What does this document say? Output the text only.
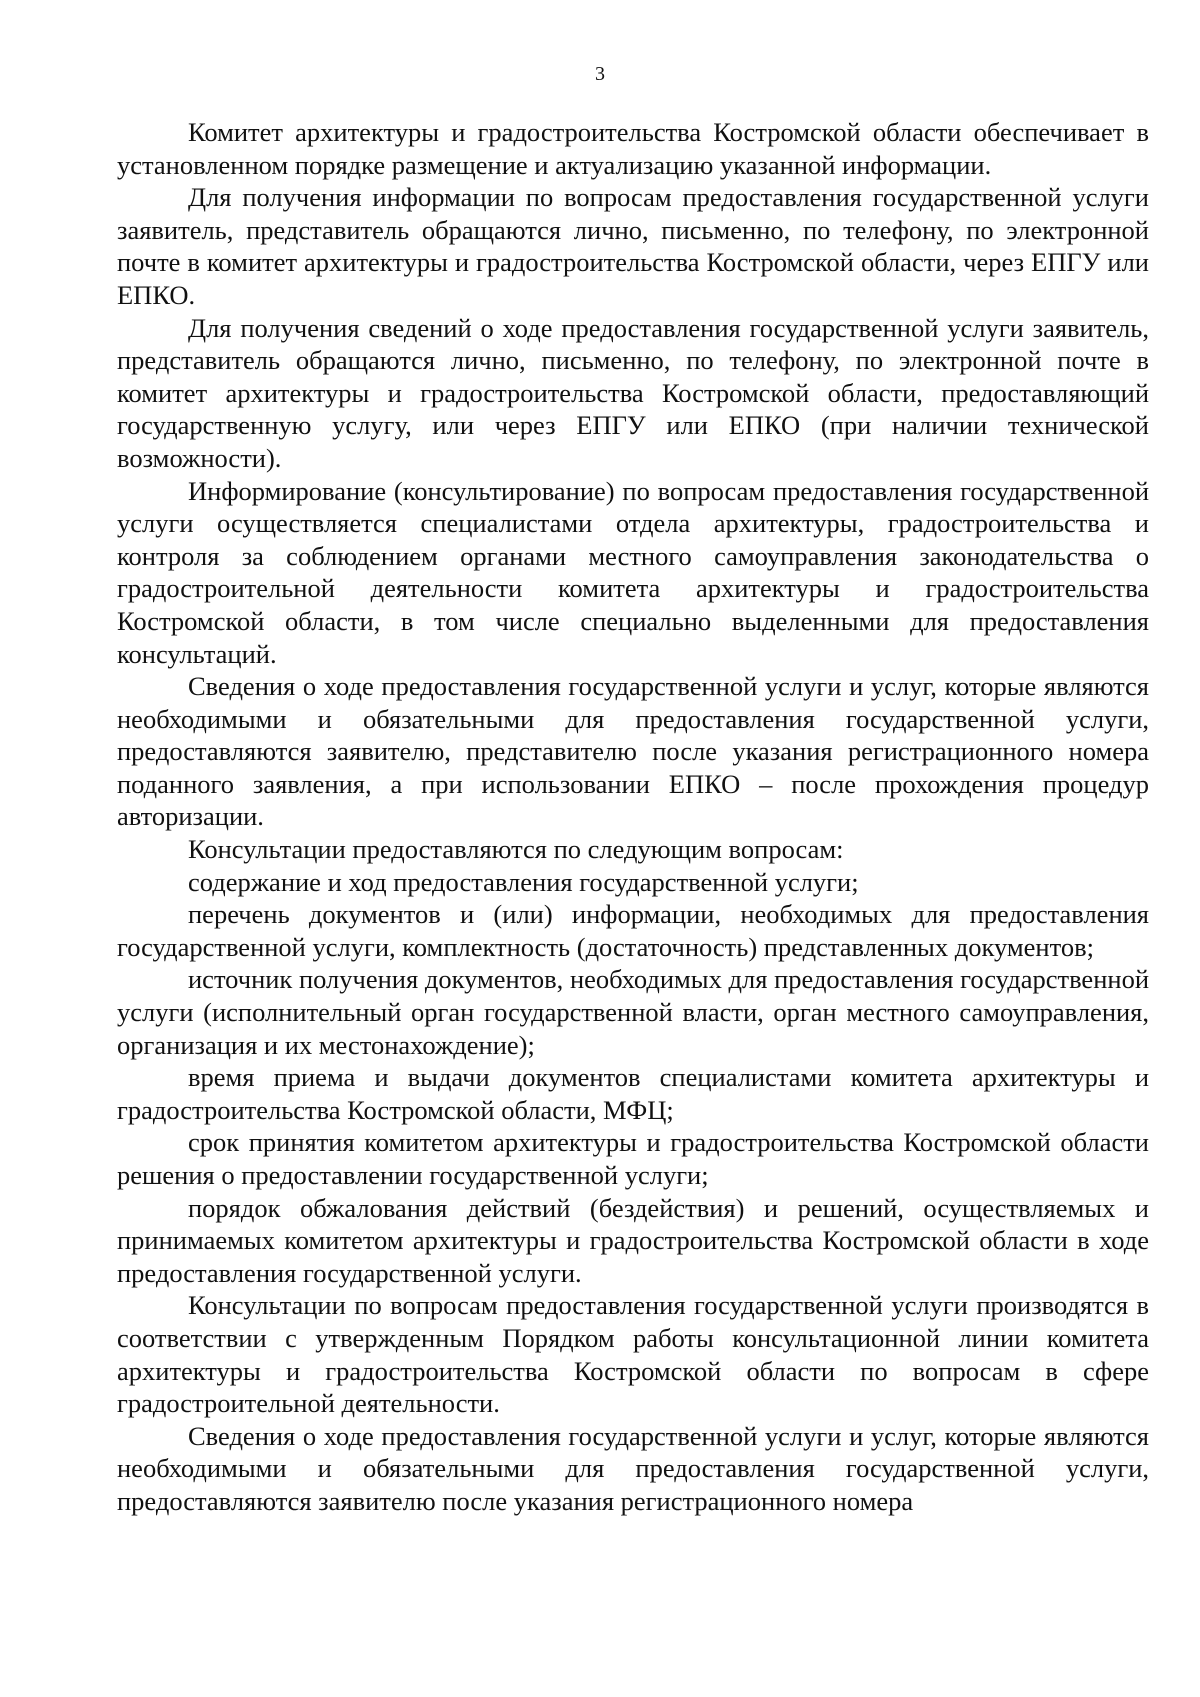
3

Комитет архитектуры и градостроительства Костромской области обеспечивает в установленном порядке размещение и актуализацию указанной информации.

Для получения информации по вопросам предоставления государственной услуги заявитель, представитель обращаются лично, письменно, по телефону, по электронной почте в комитет архитектуры и градостроительства Костромской области, через ЕПГУ или ЕПКО.

Для получения сведений о ходе предоставления государственной услуги заявитель, представитель обращаются лично, письменно, по телефону, по электронной почте в комитет архитектуры и градостроительства Костромской области, предоставляющий государственную услугу, или через ЕПГУ или ЕПКО (при наличии технической возможности).

Информирование (консультирование) по вопросам предоставления государственной услуги осуществляется специалистами отдела архитектуры, градостроительства и контроля за соблюдением органами местного самоуправления законодательства о градостроительной деятельности комитета архитектуры и градостроительства Костромской области, в том числе специально выделенными для предоставления консультаций.

Сведения о ходе предоставления государственной услуги и услуг, которые являются необходимыми и обязательными для предоставления государственной услуги, предоставляются заявителю, представителю после указания регистрационного номера поданного заявления, а при использовании ЕПКО – после прохождения процедур авторизации.

Консультации предоставляются по следующим вопросам:

содержание и ход предоставления государственной услуги;

перечень документов и (или) информации, необходимых для предоставления государственной услуги, комплектность (достаточность) представленных документов;

источник получения документов, необходимых для предоставления государственной услуги (исполнительный орган государственной власти, орган местного самоуправления, организация и их местонахождение);

время приема и выдачи документов специалистами комитета архитектуры и градостроительства Костромской области, МФЦ;

срок принятия комитетом архитектуры и градостроительства Костромской области решения о предоставлении государственной услуги;

порядок обжалования действий (бездействия) и решений, осуществляемых и принимаемых комитетом архитектуры и градостроительства Костромской области в ходе предоставления государственной услуги.

Консультации по вопросам предоставления государственной услуги производятся в соответствии с утвержденным Порядком работы консультационной линии комитета архитектуры и градостроительства Костромской области по вопросам в сфере градостроительной деятельности.

Сведения о ходе предоставления государственной услуги и услуг, которые являются необходимыми и обязательными для предоставления государственной услуги, предоставляются заявителю после указания регистрационного номера
